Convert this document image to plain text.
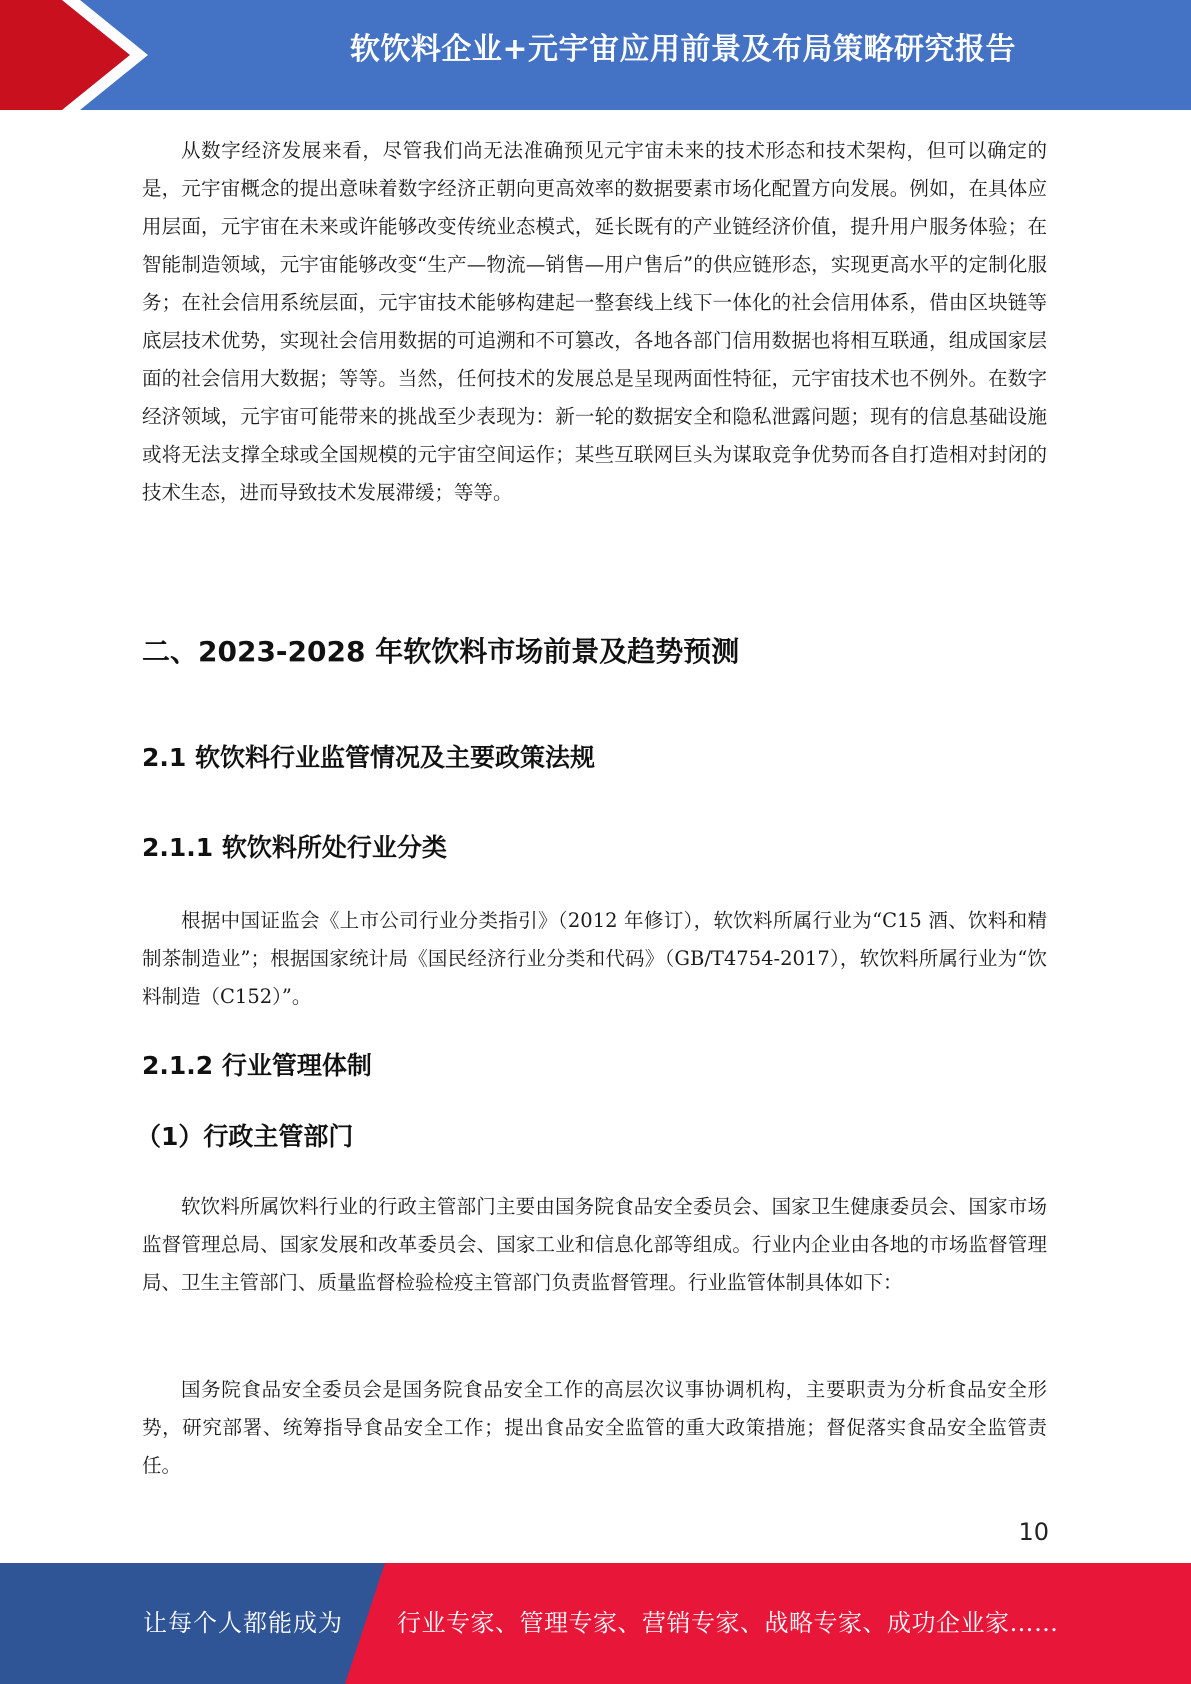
软饮料企业+元宇宙应用前景及布局策略研究报告

从数字经济发展来看，尽管我们尚无法准确预见元宇宙未来的技术形态和技术架构，但可以确定的是，元宇宙概念的提出意味着数字经济正朝向更高效率的数据要素市场化配置方向发展。例如，在具体应用层面，元宇宙在未来或许能够改变传统业态模式，延长既有的产业链经济价值，提升用户服务体验；在智能制造领域，元宇宙能够改变“生产—物流—销售—用户售后”的供应链形态，实现更高水平的定制化服务；在社会信用系统层面，元宇宙技术能够构建起一整套线上线下一体化的社会信用体系，借由区块链等底层技术优势，实现社会信用数据的可追溯和不可篡改，各地各部门信用数据也将相互联通，组成国家层面的社会信用大数据；等等。当然，任何技术的发展总是呈现两面性特征，元宇宙技术也不例外。在数字经济领域，元宇宙可能带来的挑战至少表现为：新一轮的数据安全和隐私泄露问题；现有的信息基础设施或将无法支撑全球或全国规模的元宇宙空间运作；某些互联网巨头为谋取竞争优势而各自打造相对封闭的技术生态，进而导致技术发展滞缓；等等。

二、2023-2028 年软饮料市场前景及趋势预测
2.1 软饮料行业监管情况及主要政策法规
2.1.1 软饮料所处行业分类

根据中国证监会《上市公司行业分类指引》（2012 年修订），软饮料所属行业为“C15 酒、饮料和精制茶制造业”；根据国家统计局《国民经济行业分类和代码》（GB/T4754-2017），软饮料所属行业为“饮料制造（C152）”。

2.1.2 行业管理体制
（1）行政主管部门

软饮料所属饮料行业的行政主管部门主要由国务院食品安全委员会、国家卫生健康委员会、国家市场监督管理总局、国家发展和改革委员会、国家工业和信息化部等组成。行业内企业由各地的市场监督管理局、卫生主管部门、质量监督检验检疫主管部门负责监督管理。行业监管体制具体如下：

国务院食品安全委员会是国务院食品安全工作的高层次议事协调机构，主要职责为分析食品安全形势，研究部署、统筹指导食品安全工作；提出食品安全监管的重大政策措施；督促落实食品安全监管责任。

10
让每个人都能成为 行业专家、管理专家、营销专家、战略专家、成功企业家……
